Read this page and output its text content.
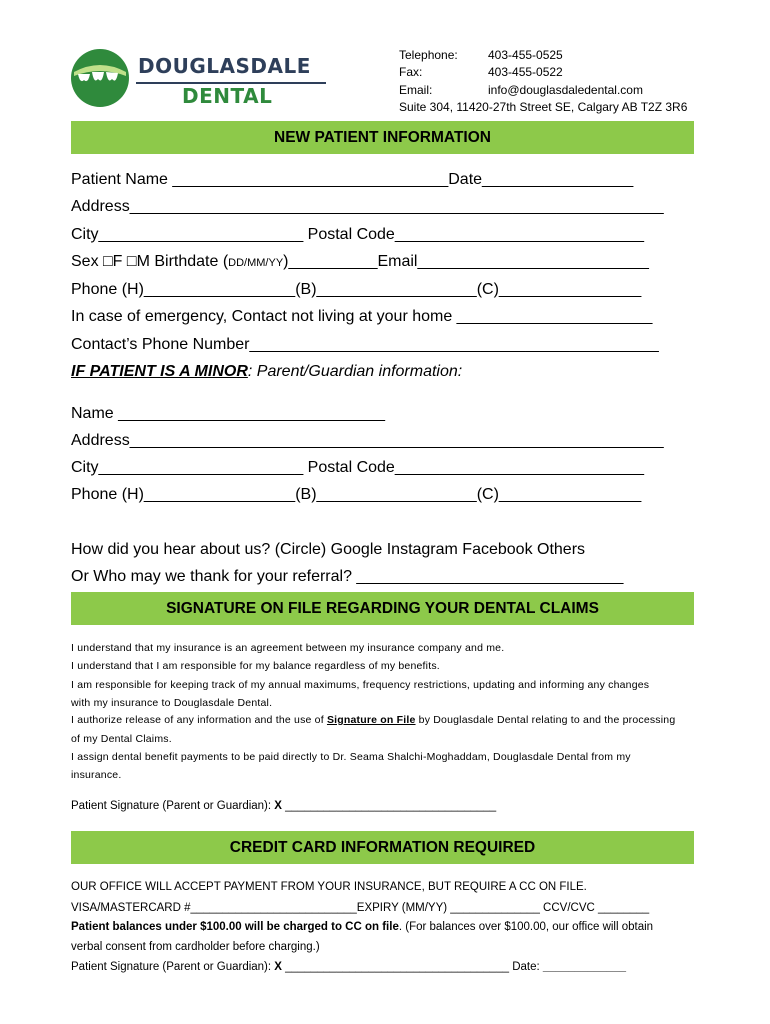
DOUGLASDALE
DENTAL
Telephone:	403-455-0525
Fax:	403-455-0522
Email:	info@douglasdaledental.com
Suite 304, 11420-27th Street SE, Calgary AB T2Z 3R6
NEW PATIENT INFORMATION
Patient Name _______________________________Date_________________
Address____________________________________________________________
City_______________________ Postal Code____________________________
Sex □F □M Birthdate (DD/MM/YY)__________Email__________________________
Phone (H)_________________(B)__________________(C)________________
In case of emergency, Contact not living at your home ______________________
Contact’s Phone Number______________________________________________
IF PATIENT IS A MINOR: Parent/Guardian information:
Name ______________________________
Address____________________________________________________________
City_______________________ Postal Code____________________________
Phone (H)_________________(B)__________________(C)________________
How did you hear about us? (Circle) Google Instagram Facebook Others
Or Who may we thank for your referral? ______________________________
SIGNATURE ON FILE REGARDING YOUR DENTAL CLAIMS
I understand that my insurance is an agreement between my insurance company and me.
I understand that I am responsible for my balance regardless of my benefits.
I am responsible for keeping track of my annual maximums, frequency restrictions, updating and informing any changes
with my insurance to Douglasdale Dental.
I authorize release of any information and the use of Signature on File by Douglasdale Dental relating to and the processing
of my Dental Claims.
I assign dental benefit payments to be paid directly to Dr. Seama Shalchi-Moghaddam, Douglasdale Dental from my
insurance.
Patient Signature (Parent or Guardian): X _________________________________
CREDIT CARD INFORMATION REQUIRED
OUR OFFICE WILL ACCEPT PAYMENT FROM YOUR INSURANCE, BUT REQUIRE A CC ON FILE.
VISA/MASTERCARD #__________________________EXPIRY (MM/YY) ______________ CCV/CVC ________
Patient balances under $100.00 will be charged to CC on file. (For balances over $100.00, our office will obtain
verbal consent from cardholder before charging.)
Patient Signature (Parent or Guardian): X ___________________________________ Date: _____________
